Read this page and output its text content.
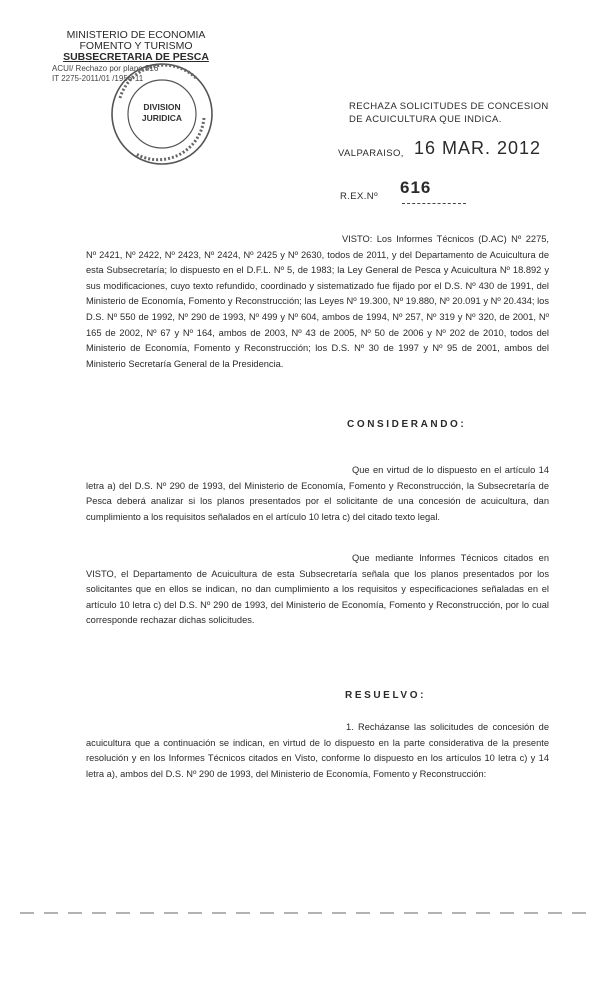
MINISTERIO DE ECONOMIA
FOMENTO Y TURISMO
SUBSECRETARIA DE PESCA
ACUI/ Rechazo por plano 816
IT 2275-2011/01 /1956-11
DIVISION
JURIDICA
RECHAZA SOLICITUDES DE CONCESION DE ACUICULTURA QUE INDICA.
VALPARAISO, 16 MAR. 2012
R.EX.Nº 616
VISTO: Los Informes Técnicos (D.AC) Nº 2275, Nº 2421, Nº 2422, Nº 2423, Nº 2424, Nº 2425 y Nº 2630, todos de 2011, y del Departamento de Acuicultura de esta Subsecretaría; lo dispuesto en el D.F.L. Nº 5, de 1983; la Ley General de Pesca y Acuicultura Nº 18.892 y sus modificaciones, cuyo texto refundido, coordinado y sistematizado fue fijado por el D.S. Nº 430 de 1991, del Ministerio de Economía, Fomento y Reconstrucción; las Leyes Nº 19.300, Nº 19.880, Nº 20.091 y Nº 20.434; los D.S. Nº 550 de 1992, Nº 290 de 1993, Nº 499 y Nº 604, ambos de 1994, Nº 257, Nº 319 y Nº 320, de 2001, Nº 165 de 2002, Nº 67 y Nº 164, ambos de 2003, Nº 43 de 2005, Nº 50 de 2006 y Nº 202 de 2010, todos del Ministerio de Economía, Fomento y Reconstrucción; los D.S. Nº 30 de 1997 y Nº 95 de 2001, ambos del Ministerio Secretaría General de la Presidencia.
CONSIDERANDO:
Que en virtud de lo dispuesto en el artículo 14 letra a) del D.S. Nº 290 de 1993, del Ministerio de Economía, Fomento y Reconstrucción, la Subsecretaría de Pesca deberá analizar si los planos presentados por el solicitante de una concesión de acuicultura, dan cumplimiento a los requisitos señalados en el artículo 10 letra c) del citado texto legal.
Que mediante Informes Técnicos citados en VISTO, el Departamento de Acuicultura de esta Subsecretaría señala que los planos presentados por los solicitantes que en ellos se indican, no dan cumplimiento a los requisitos y especificaciones señaladas en el artículo 10 letra c) del D.S. Nº 290 de 1993, del Ministerio de Economía, Fomento y Reconstrucción, por lo cual corresponde rechazar dichas solicitudes.
RESUELVO:
1. Recházanse las solicitudes de concesión de acuicultura que a continuación se indican, en virtud de lo dispuesto en la parte considerativa de la presente resolución y en los Informes Técnicos citados en Visto, conforme lo dispuesto en los artículos 10 letra c) y 14 letra a), ambos del D.S. Nº 290 de 1993, del Ministerio de Economía, Fomento y Reconstrucción:
